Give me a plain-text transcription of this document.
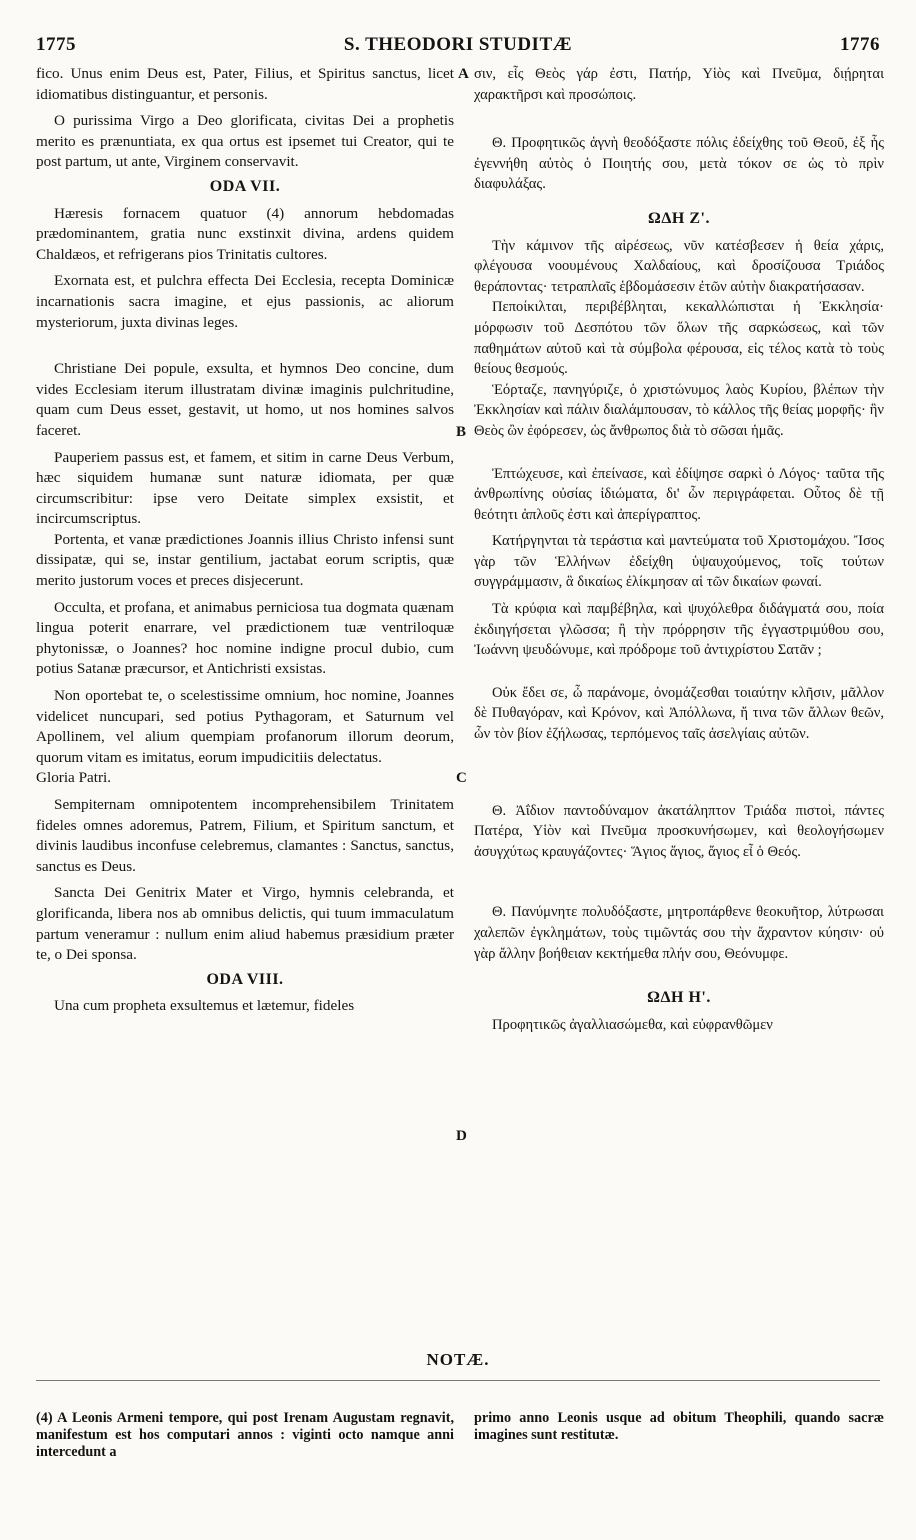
1775	S. THEODORI STUDITÆ	1776

fico. Unus enim Deus est, Pater, Filius, et Spiritus sanctus, licet idiomatibus distinguantur, et personis.

O purissima Virgo a Deo glorificata, civitas Dei a prophetis merito es prænuntiata, ex qua ortus est ipsemet tui Creator, qui te post partum, ut ante, Virginem conservavit.

ODA VII.

Hæresis fornacem quatuor (4) annorum hebdomadas prædominantem, gratia nunc exstinxit divina, ardens quidem Chaldæos, et refrigerans pios Trinitatis cultores.

Exornata est, et pulchra effecta Dei Ecclesia, recepta Dominicæ incarnationis sacra imagine, et ejus passionis, ac aliorum mysteriorum, juxta divinas leges.

Christiane Dei popule, exsulta, et hymnos Deo concine, dum vides Ecclesiam iterum illustratam divinæ imaginis pulchritudine, quam cum Deus esset, gestavit, ut homo, ut nos homines salvos faceret.

Pauperiem passus est, et famem, et sitim in carne Deus Verbum, hæc siquidem humanæ sunt naturæ idiomata, per quæ circumscribitur: ipse vero Deitate simplex exsistit, et incircumscriptus.

Portenta, et vanæ prædictiones Joannis illius Christo infensi sunt dissipatæ, qui se, instar gentilium, jactabat eorum scriptis, quæ merito justorum voces et preces disjecerunt.

Occulta, et profana, et animabus perniciosa tua dogmata quænam lingua poterit enarrare, vel prædictionem tuæ ventriloquæ phytonissæ, o Joannes? hoc nomine indigne procul dubio, cum potius Satanæ præcursor, et Antichristi exsistas.

Non oportebat te, o scelestissime omnium, hoc nomine, Joannes videlicet nuncupari, sed potius Pythagoram, et Saturnum vel Apollinem, vel alium quempiam profanorum illorum deorum, quorum vitam es imitatus, eorum impudicitiis delectatus.

Gloria Patri.

Sempiternam omnipotentem incomprehensibilem Trinitatem fideles omnes adoremus, Patrem, Filium, et Spiritum sanctum, et divinis laudibus inconfuse celebremus, clamantes : Sanctus, sanctus, sanctus es Deus.

Sancta Dei Genitrix Mater et Virgo, hymnis celebranda, et glorificanda, libera nos ab omnibus delictis, qui tuum immaculatum partum veneramur : nullum enim aliud habemus præsidium præter te, o Dei sponsa.

ODA VIII.

Una cum propheta exsultemus et lætemur, fideles

A
B
C
D

σιν, εἷς Θεὸς γάρ ἐστι, Πατήρ, Υἱὸς καὶ Πνεῦμα, διῄρηται χαρακτῆρσι καὶ προσώποις.

Θ. Προφητικῶς ἁγνὴ θεοδόξαστε πόλις ἐδείχθης τοῦ Θεοῦ, ἐξ ἧς ἐγεννήθη αὐτὸς ὁ Ποιητής σου, μετὰ τόκον σε ὡς τὸ πρὶν διαφυλάξας.

ΩΔΗ Ζ'.

Τὴν κάμινον τῆς αἱρέσεως, νῦν κατέσβεσεν ἡ θεία χάρις, φλέγουσα νοουμένους Χαλδαίους, καὶ δροσίζουσα Τριάδος θεράποντας· τετραπλαῖς ἑβδομάσεσιν ἐτῶν αὐτὴν διακρατήσασαν.

Πεποίκιλται, περιβέβληται, κεκαλλώπισται ἡ Ἐκκλησία· μόρφωσιν τοῦ Δεσπότου τῶν ὅλων τῆς σαρκώσεως, καὶ τῶν παθημάτων αὐτοῦ καὶ τὰ σύμβολα φέρουσα, εἰς τέλος κατὰ τὸ τοὺς θείους θεσμούς.

Ἑόρταζε, πανηγύριζε, ὁ χριστώνυμος λαὸς Κυρίου, βλέπων τὴν Ἐκκλησίαν καὶ πάλιν διαλάμπουσαν, τὸ κάλλος τῆς θείας μορφῆς· ἣν Θεὸς ὢν ἐφόρεσεν, ὡς ἄνθρωπος διὰ τὸ σῶσαι ἡμᾶς.

Ἐπτώχευσε, καὶ ἐπείνασε, καὶ ἐδίψησε σαρκὶ ὁ Λόγος· ταῦτα τῆς ἀνθρωπίνης οὐσίας ἰδιώματα, δι' ὧν περιγράφεται. Οὗτος δὲ τῇ θεότητι ἁπλοῦς ἐστι καὶ ἀπερίγραπτος.

Κατήργηνται τὰ τεράστια καὶ μαντεύματα τοῦ Χριστομάχου. Ἴσος γὰρ τῶν Ἑλλήνων ἐδείχθη ὑψαυχούμενος, τοῖς τούτων συγγράμμασιν, ἃ δικαίως ἐλίκμησαν αἱ τῶν δικαίων φωναί.

Τὰ κρύφια καὶ παμβέβηλα, καὶ ψυχόλεθρα διδάγματά σου, ποία ἐκδιηγήσεται γλῶσσα; ἢ τὴν πρόρρησιν τῆς ἐγγαστριμύθου σου, Ἰωάννη ψευδώνυμε, καὶ πρόδρομε τοῦ ἀντιχρίστου Σατᾶν ;

Οὐκ ἔδει σε, ὦ παράνομε, ὀνομάζεσθαι τοιαύτην κλῆσιν, μᾶλλον δὲ Πυθαγόραν, καὶ Κρόνον, καὶ Ἀπόλλωνα, ἤ τινα τῶν ἄλλων θεῶν, ὧν τὸν βίον ἐζήλωσας, τερπόμενος ταῖς ἀσελγίαις αὐτῶν.

Θ. Ἀΐδιον παντοδύναμον ἀκατάληπτον Τριάδα πιστοὶ, πάντες Πατέρα, Υἱὸν καὶ Πνεῦμα προσκυνήσωμεν, καὶ θεολογήσωμεν ἀσυγχύτως κραυγάζοντες· Ἅγιος ἅγιος, ἅγιος εἶ ὁ Θεός.

Θ. Πανύμνητε πολυδόξαστε, μητροπάρθενε θεοκυῆτορ, λύτρωσαι χαλεπῶν ἐγκλημάτων, τοὺς τιμῶντάς σου τὴν ἄχραντον κύησιν· οὐ γὰρ ἄλλην βοήθειαν κεκτήμεθα πλήν σου, Θεόνυμφε.

ΩΔΗ Η'.

Προφητικῶς ἀγαλλιασώμεθα, καὶ εὐφρανθῶμεν

NOTÆ.

(4) A Leonis Armeni tempore, qui post Irenam Augustam regnavit, manifestum est hos computari annos : viginti octo namque anni intercedunt a

primo anno Leonis usque ad obitum Theophili, quando sacræ imagines sunt restitutæ.
